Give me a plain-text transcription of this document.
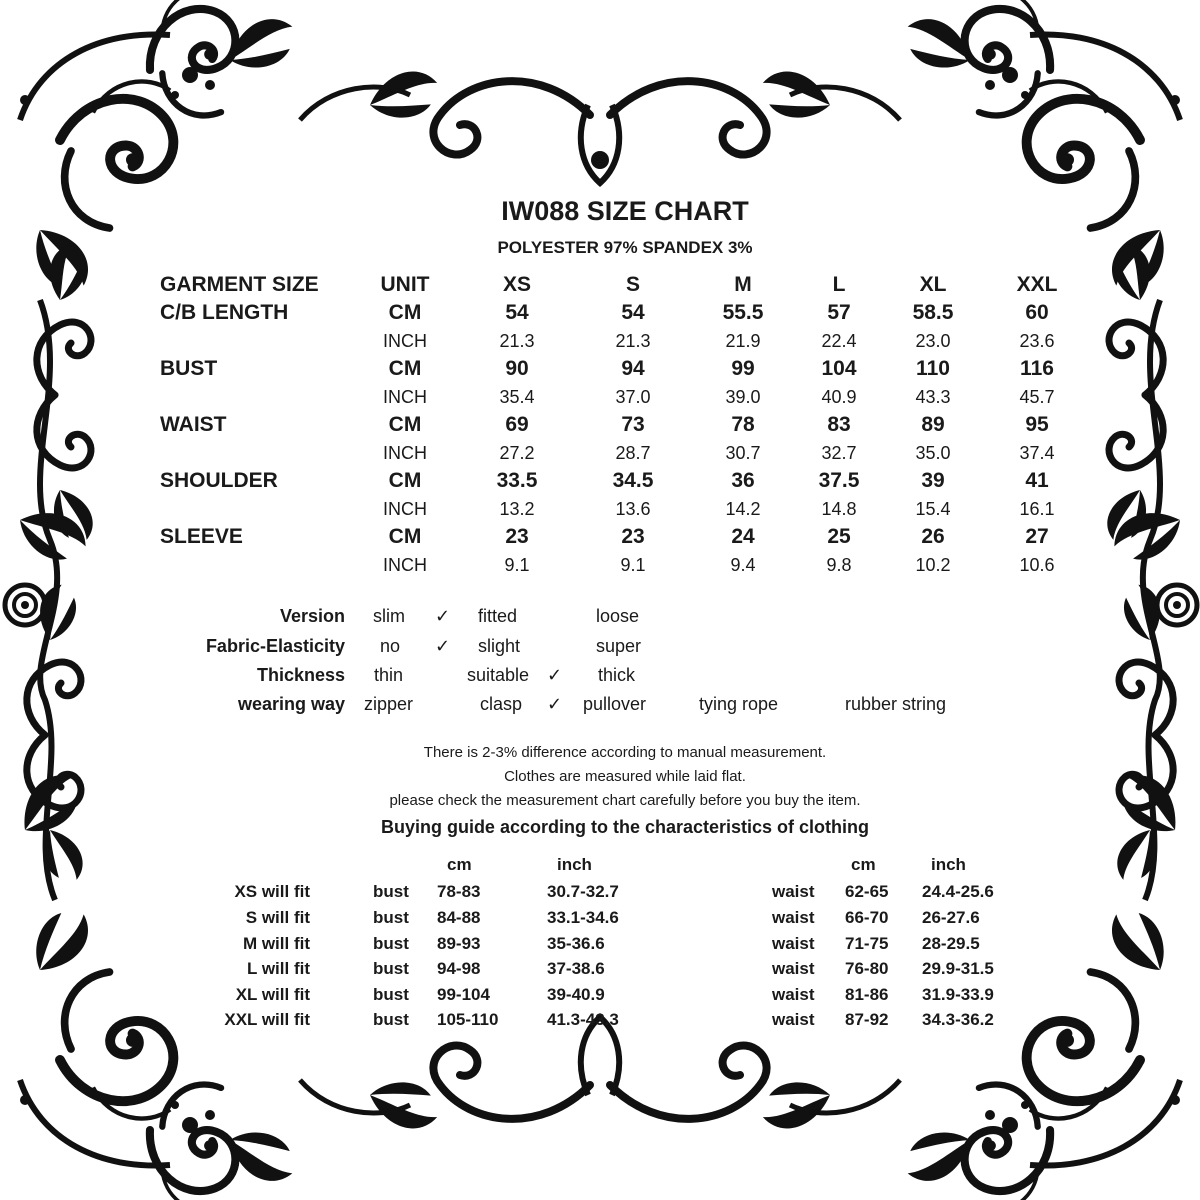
IW088 SIZE CHART
POLYESTER 97% SPANDEX 3%
GARMENT SIZE	UNIT	XS	S	M	L	XL	XXL
C/B LENGTH	CM	54	54	55.5	57	58.5	60
INCH	21.3	21.3	21.9	22.4	23.0	23.6
BUST	CM	90	94	99	104	110	116
INCH	35.4	37.0	39.0	40.9	43.3	45.7
WAIST	CM	69	73	78	83	89	95
INCH	27.2	28.7	30.7	32.7	35.0	37.4
SHOULDER	CM	33.5	34.5	36	37.5	39	41
INCH	13.2	13.6	14.2	14.8	15.4	16.1
SLEEVE	CM	23	23	24	25	26	27
INCH	9.1	9.1	9.4	9.8	10.2	10.6
Version slim ✓ fitted	loose
Fabric-Elasticity no ✓ slight	super
Thickness thin	suitable ✓ thick
wearing way zipper	clasp ✓ pullover	tying rope	rubber string
There is 2-3% difference according to manual measurement.
Clothes are measured while laid flat.
please check the measurement chart carefully before you buy the item.
Buying guide according to the characteristics of clothing
cm	inch	cm	inch
XS will fit	bust 78-83	30.7-32.7	waist 62-65 24.4-25.6
S will fit	bust 84-88	33.1-34.6	waist 66-70 26-27.6
M will fit	bust 89-93	35-36.6	waist 71-75 28-29.5
L will fit	bust 94-98	37-38.6	waist 76-80 29.9-31.5
XL will fit	bust 99-104	39-40.9	waist 81-86 31.9-33.9
XXL will fit	bust 105-110	41.3-43.3	waist 87-92 34.3-36.2
